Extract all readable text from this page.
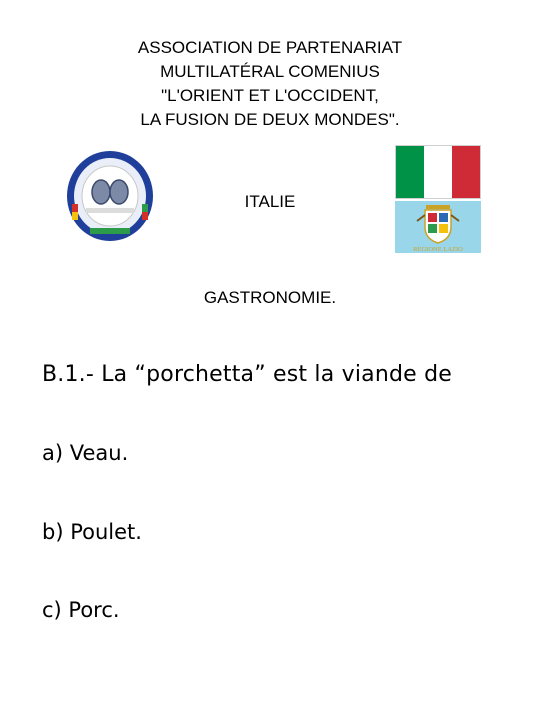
ASSOCIATION DE PARTENARIAT
MULTILATÉRAL COMENIUS
"L'ORIENT ET L'OCCIDENT,
LA FUSION DE DEUX MONDES".
REGIONE LAZIO
ITALIE
GASTRONOMIE.
B.1.- La “porchetta” est la viande de
a) Veau.
b) Poulet.
c) Porc.
